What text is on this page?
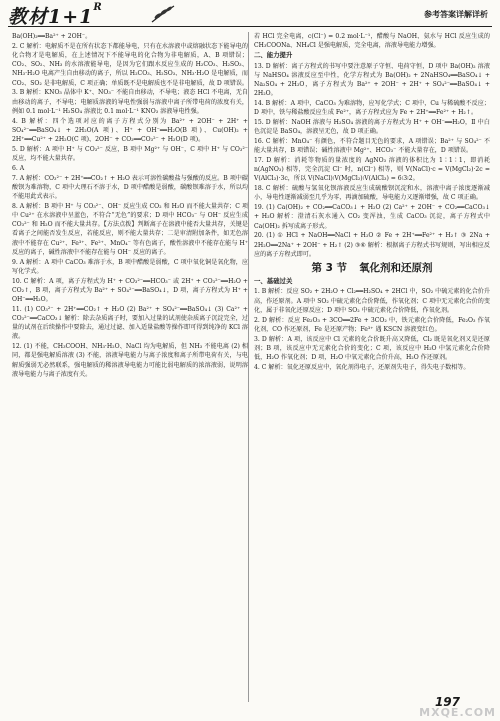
教材$1+1^R$
参考答案详解详析
Ba(OH)₂══Ba²⁺ + 2OH⁻。
2. C 解析：电解质不是在所有状态下都能导电，只有在水溶液中或熔融状态下能导电的化合物才是电解质，在上述情况下不能导电的化合物为非电解质，A、B 项错误；CO₂、SO₂、NH₃ 的水溶液能导电，是因为它们跟水反应生成的 H₂CO₃、H₂SO₃、NH₃·H₂O 电离产生自由移动的离子，所以 H₂CO₃、H₂SO₃、NH₃·H₂O 是电解质，而 CO₂、SO₂ 是非电解质，C 项正确；单质既不是电解质也不是非电解质，故 D 项错误。
3. B 解析：KNO₃ 晶体中 K⁺、NO₃⁻ 不能自由移动，不导电；液态 HCl 不电离，无自由移动的离子，不导电；电解质溶液的导电性强弱与溶液中离子所带电荷的浓度有关，例如 0.1 mol·L⁻¹ H₂SO₄ 溶液比 0.1 mol·L⁻¹ KNO₃ 溶液导电性强。
4. B 解析：四个选项对应的离子方程式分别为 Ba²⁺ + 2OH⁻ + 2H⁺ + SO₄²⁻══BaSO₄↓ + 2H₂O(A 项)、H⁺ + OH⁻══H₂O(B 项)、Cu(OH)₂ + 2H⁺══Cu²⁺ + 2H₂O(C 项)、2OH⁻ + CO₂══CO₃²⁻ + H₂O(D 项)。
5. D 解析：A 项中 H⁺ 与 CO₃²⁻ 反应，B 项中 Mg²⁺ 与 OH⁻，C 项中 H⁺ 与 CO₃²⁻ 反应，均不能大量共存。
6. A
7. A 解析：CO₃²⁻ + 2H⁺══CO₂↑ + H₂O 表示可溶性碳酸盐与强酸的反应。B 项中碳酸钡为难溶物，C 项中大理石不溶于水，D 项中醋酸是弱酸，碳酸钡难溶于水，所以均不能用此式表示。
8. A 解析：B 项中 H⁺ 与 CO₃²⁻、OH⁻ 反应生成 CO₂ 和 H₂O 而不能大量共存；C 项中 Cu²⁺ 在水溶液中呈蓝色，不符合“无色”的要求；D 项中 HCO₃⁻ 与 OH⁻ 反应生成 CO₃²⁻ 和 H₂O 而不能大量共存。【方法点拨】判断离子在溶液中能否大量共存，关键是看离子之间能否发生反应，若能反应，则不能大量共存；二是审清附加条件，如无色溶液中不能存在 Cu²⁺、Fe³⁺、Fe²⁺、MnO₄⁻ 等有色离子，酸性溶液中不能存在能与 H⁺ 反应的离子，碱性溶液中不能存在能与 OH⁻ 反应的离子。
9. A 解析：A 项中 CaCO₃ 难溶于水，B 项中醋酸是弱酸，C 项中氧化铜是氧化物，应写化学式。
10. C 解析：A 项，离子方程式为 H⁺ + CO₃²⁻══HCO₃⁻ 或 2H⁺ + CO₃²⁻══H₂O + CO₂↑，B 项，离子方程式为 Ba²⁺ + SO₄²⁻══BaSO₄↓，D 项，离子方程式为 H⁺ + OH⁻══H₂O。
11. (1) CO₃²⁻ + 2H⁺══CO₂↑ + H₂O (2) Ba²⁺ + SO₄²⁻══BaSO₄↓ (3) Ca²⁺ + CO₃²⁻══CaCO₃↓ 解析：除去杂质离子时，要加入过量的试剂使杂质离子沉淀完全，过量的试剂在后续操作中要除去，通过过滤、加入适量盐酸等操作即可得到纯净的 KCl 溶液。
12. (1) 不能，CH₃COOH、NH₃·H₂O、NaCl 均为电解质，但 NH₃ 不能电离 (2) 相同，都是强电解质溶液 (3) 不能，溶液导电能力与离子浓度和离子所带电荷有关，与电解质强弱无必然联系，强电解质的稀溶液导电能力可能比弱电解质的浓溶液弱，说明溶液导电能力与离子浓度有关。
若 HCl 完全电离，c(Cl⁻) = 0.2 mol·L⁻¹，醋酸与 NaOH、氨水与 HCl 反应生成的 CH₃COONa、NH₄Cl 是强电解质，完全电离，溶液导电能力增强。
二、能力提升
13. D 解析：离子方程式的书写中要注意原子守恒、电荷守恒，D 项中 Ba(OH)₂ 溶液与 NaHSO₄ 溶液反应至中性，化学方程式为 Ba(OH)₂ + 2NaHSO₄══BaSO₄↓ + Na₂SO₄ + 2H₂O，离子方程式为 Ba²⁺ + 2OH⁻ + 2H⁺ + SO₄²⁻══BaSO₄↓ + 2H₂O。
14. B 解析：A 项中，CaCO₃ 为难溶物，应写化学式；C 项中，Cu 与稀硫酸不反应；D 项中，铁与稀盐酸反应生成 Fe²⁺，离子方程式应为 Fe + 2H⁺══Fe²⁺ + H₂↑。
15. D 解析：NaOH 溶液与 H₂SO₄ 溶液的离子方程式为 H⁺ + OH⁻══H₂O，Ⅱ 中白色沉淀是 BaSO₄，溶液呈无色，故 D 项正确。
16. C 解析：MnO₄⁻ 有颜色，不符合题目无色的要求，A 项错误；Ba²⁺ 与 SO₄²⁻ 不能大量共存，B 项错误；碱性溶液中 Mg²⁺、HCO₃⁻ 不能大量存在，D 项错误。
17. D 解析：消耗等物质的量浓度的 AgNO₃ 溶液的体积比为 1∶1∶1，即消耗 n(AgNO₃) 相等，完全沉淀 Cl⁻ 时，n(Cl⁻) 相等，则 V(NaCl)·c = V(MgCl₂)·2c = V(AlCl₃)·3c，所以 V(NaCl)∶V(MgCl₂)∶V(AlCl₃) = 6∶3∶2。
18. C 解析：硫酸与氢氧化钡溶液反应生成硫酸钡沉淀和水，溶液中离子浓度逐渐减小，导电性逐渐减弱至几乎为零，再滴加硫酸，导电能力又逐渐增强，故 C 项正确。
19. (1) Ca(OH)₂ + CO₂══CaCO₃↓ + H₂O (2) Ca²⁺ + 2OH⁻ + CO₂══CaCO₃↓ + H₂O 解析：澄清石灰水通入 CO₂ 变浑浊，生成 CaCO₃ 沉淀，离子方程式中 Ca(OH)₂ 拆写成离子形式。
20. (1) ① HCl + NaOH══NaCl + H₂O ② Fe + 2H⁺══Fe²⁺ + H₂↑ ③ 2Na + 2H₂O══2Na⁺ + 2OH⁻ + H₂↑ (2) ③⑥ 解析：根据离子方程式书写规则，写出相应反应的离子方程式即可。
第 3 节 氧化剂和还原剂
一、基础过关
1. B 解析：反应 SO₂ + 2H₂O + Cl₂══H₂SO₄ + 2HCl 中，SO₂ 中硫元素的化合价升高，作还原剂。A 项中 SO₂ 中硫元素化合价降低，作氧化剂；C 项中无元素化合价的变化，属于非氧化还原反应；D 项中 SO₂ 中硫元素化合价降低，作氧化剂。
2. D 解析：反应 Fe₂O₃ + 3CO══2Fe + 3CO₂ 中，铁元素化合价降低，Fe₂O₃ 作氧化剂，CO 作还原剂，Fe 是还原产物；Fe³⁺ 遇 KSCN 溶液变红色。
3. D 解析：A 项，该反应中 Cl 元素的化合价既升高又降低，Cl₂ 既是氧化剂又是还原剂；B 项，该反应中无元素化合价的变化；C 项，该反应中 H₂O 中氢元素化合价降低，H₂O 作氧化剂；D 项，H₂O 中氧元素化合价升高，H₂O 作还原剂。
4. C 解析：氧化还原反应中，氧化剂得电子，还原剂失电子，得失电子数相等。
197
MXQE.COM
